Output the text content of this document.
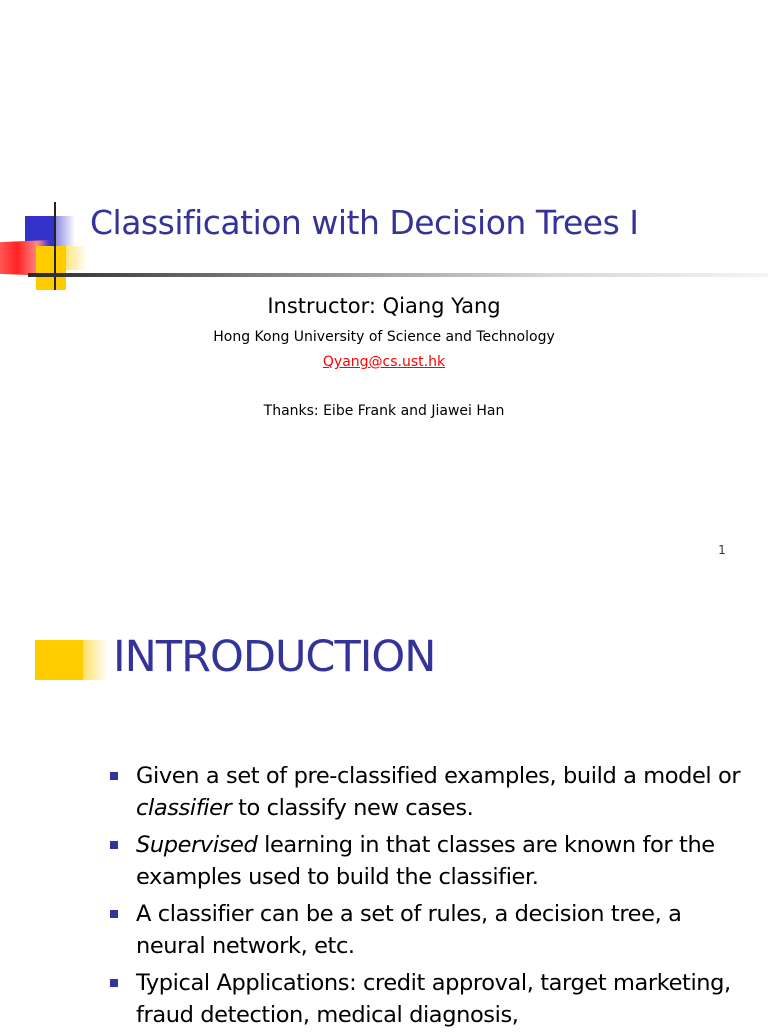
Classification with Decision Trees I
Instructor: Qiang Yang
Hong Kong University of Science and Technology
Qyang@cs.ust.hk
Thanks: Eibe Frank and Jiawei Han
1
INTRODUCTION
Given a set of pre-classified examples, build a model or classifier to classify new cases.
Supervised learning in that classes are known for the examples used to build the classifier.
A classifier can be a set of rules, a decision tree, a neural network, etc.
Typical Applications: credit approval, target marketing, fraud detection, medical diagnosis,
